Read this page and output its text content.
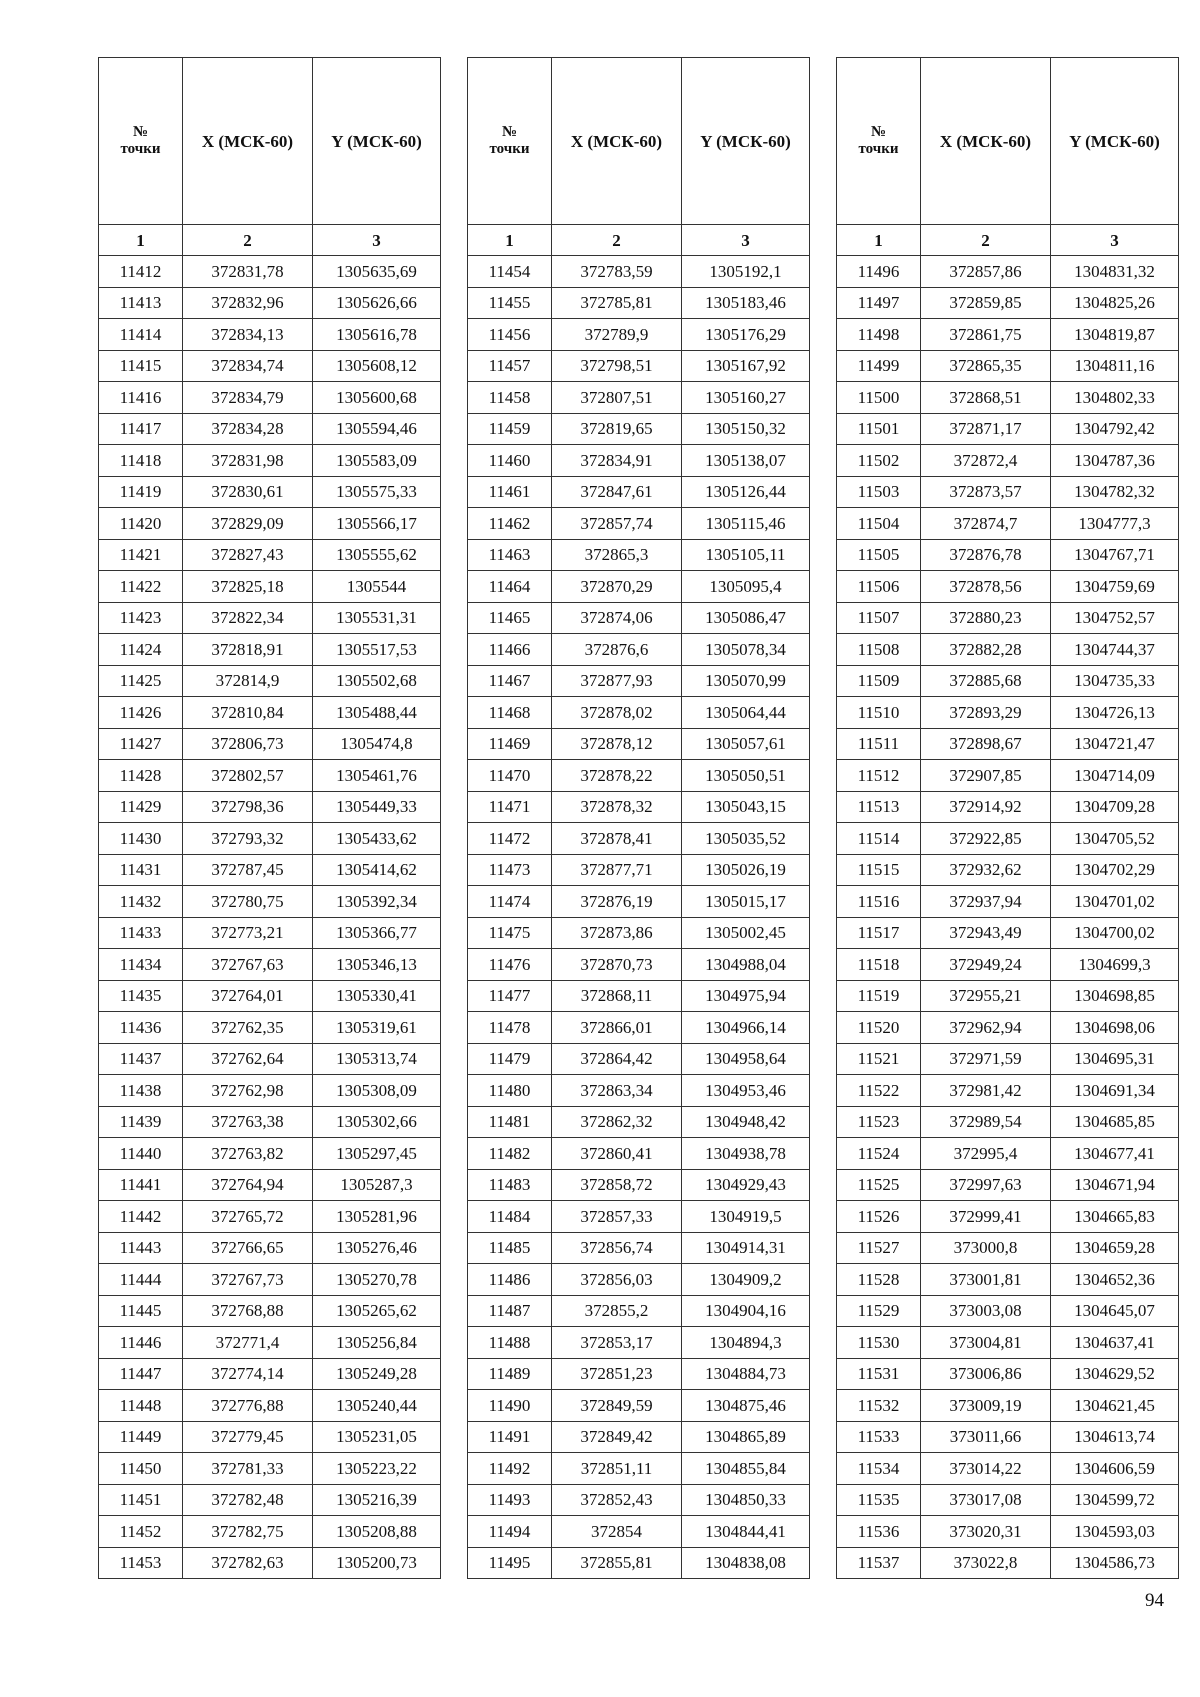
№
точки	X (МСК-60)	Y (МСК-60)
1	2	3
11412	372831,78	1305635,69
11413	372832,96	1305626,66
11414	372834,13	1305616,78
11415	372834,74	1305608,12
11416	372834,79	1305600,68
11417	372834,28	1305594,46
11418	372831,98	1305583,09
11419	372830,61	1305575,33
11420	372829,09	1305566,17
11421	372827,43	1305555,62
11422	372825,18	1305544
11423	372822,34	1305531,31
11424	372818,91	1305517,53
11425	372814,9	1305502,68
11426	372810,84	1305488,44
11427	372806,73	1305474,8
11428	372802,57	1305461,76
11429	372798,36	1305449,33
11430	372793,32	1305433,62
11431	372787,45	1305414,62
11432	372780,75	1305392,34
11433	372773,21	1305366,77
11434	372767,63	1305346,13
11435	372764,01	1305330,41
11436	372762,35	1305319,61
11437	372762,64	1305313,74
11438	372762,98	1305308,09
11439	372763,38	1305302,66
11440	372763,82	1305297,45
11441	372764,94	1305287,3
11442	372765,72	1305281,96
11443	372766,65	1305276,46
11444	372767,73	1305270,78
11445	372768,88	1305265,62
11446	372771,4	1305256,84
11447	372774,14	1305249,28
11448	372776,88	1305240,44
11449	372779,45	1305231,05
11450	372781,33	1305223,22
11451	372782,48	1305216,39
11452	372782,75	1305208,88
11453	372782,63	1305200,73
№
точки	X (МСК-60)	Y (МСК-60)
1	2	3
11454	372783,59	1305192,1
11455	372785,81	1305183,46
11456	372789,9	1305176,29
11457	372798,51	1305167,92
11458	372807,51	1305160,27
11459	372819,65	1305150,32
11460	372834,91	1305138,07
11461	372847,61	1305126,44
11462	372857,74	1305115,46
11463	372865,3	1305105,11
11464	372870,29	1305095,4
11465	372874,06	1305086,47
11466	372876,6	1305078,34
11467	372877,93	1305070,99
11468	372878,02	1305064,44
11469	372878,12	1305057,61
11470	372878,22	1305050,51
11471	372878,32	1305043,15
11472	372878,41	1305035,52
11473	372877,71	1305026,19
11474	372876,19	1305015,17
11475	372873,86	1305002,45
11476	372870,73	1304988,04
11477	372868,11	1304975,94
11478	372866,01	1304966,14
11479	372864,42	1304958,64
11480	372863,34	1304953,46
11481	372862,32	1304948,42
11482	372860,41	1304938,78
11483	372858,72	1304929,43
11484	372857,33	1304919,5
11485	372856,74	1304914,31
11486	372856,03	1304909,2
11487	372855,2	1304904,16
11488	372853,17	1304894,3
11489	372851,23	1304884,73
11490	372849,59	1304875,46
11491	372849,42	1304865,89
11492	372851,11	1304855,84
11493	372852,43	1304850,33
11494	372854	1304844,41
11495	372855,81	1304838,08
№
точки	X (МСК-60)	Y (МСК-60)
1	2	3
11496	372857,86	1304831,32
11497	372859,85	1304825,26
11498	372861,75	1304819,87
11499	372865,35	1304811,16
11500	372868,51	1304802,33
11501	372871,17	1304792,42
11502	372872,4	1304787,36
11503	372873,57	1304782,32
11504	372874,7	1304777,3
11505	372876,78	1304767,71
11506	372878,56	1304759,69
11507	372880,23	1304752,57
11508	372882,28	1304744,37
11509	372885,68	1304735,33
11510	372893,29	1304726,13
11511	372898,67	1304721,47
11512	372907,85	1304714,09
11513	372914,92	1304709,28
11514	372922,85	1304705,52
11515	372932,62	1304702,29
11516	372937,94	1304701,02
11517	372943,49	1304700,02
11518	372949,24	1304699,3
11519	372955,21	1304698,85
11520	372962,94	1304698,06
11521	372971,59	1304695,31
11522	372981,42	1304691,34
11523	372989,54	1304685,85
11524	372995,4	1304677,41
11525	372997,63	1304671,94
11526	372999,41	1304665,83
11527	373000,8	1304659,28
11528	373001,81	1304652,36
11529	373003,08	1304645,07
11530	373004,81	1304637,41
11531	373006,86	1304629,52
11532	373009,19	1304621,45
11533	373011,66	1304613,74
11534	373014,22	1304606,59
11535	373017,08	1304599,72
11536	373020,31	1304593,03
11537	373022,8	1304586,73
94
